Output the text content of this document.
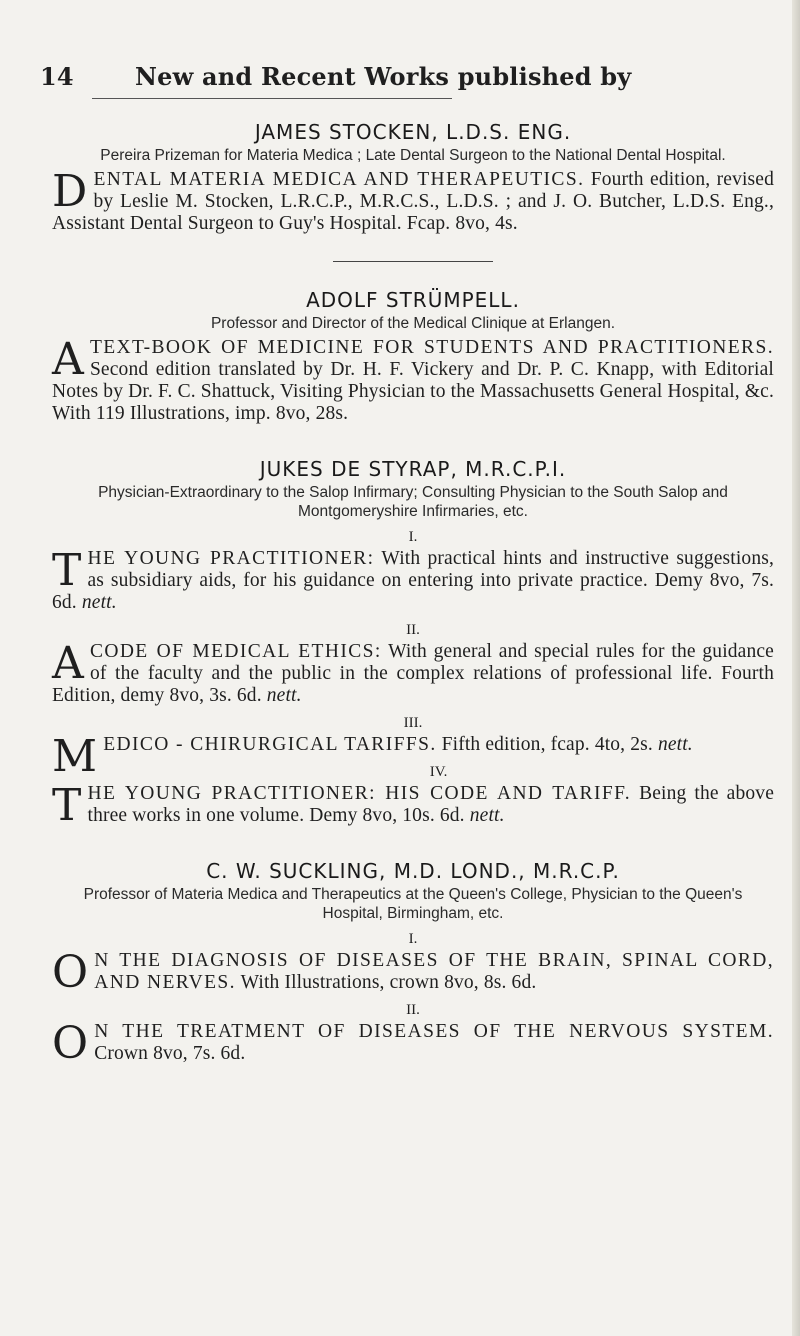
14	New and Recent Works published by

JAMES STOCKEN, L.D.S. ENG.

Pereira Prizeman for Materia Medica ; Late Dental Surgeon to the National Dental Hospital.

DENTAL MATERIA MEDICA AND THERAPEUTICS. Fourth edition, revised by Leslie M. Stocken, L.R.C.P., M.R.C.S., L.D.S. ; and J. O. Butcher, L.D.S. Eng., Assistant Dental Surgeon to Guy's Hospital. Fcap. 8vo, 4s.

ADOLF STRÜMPELL.

Professor and Director of the Medical Clinique at Erlangen.

ATEXT-BOOK OF MEDICINE FOR STUDENTS AND PRACTITIONERS. Second edition translated by Dr. H. F. Vickery and Dr. P. C. Knapp, with Editorial Notes by Dr. F. C. Shattuck, Visiting Physician to the Massachusetts General Hospital, &c. With 119 Illustrations, imp. 8vo, 28s.

JUKES DE STYRAP, M.R.C.P.I.

Physician-Extraordinary to the Salop Infirmary; Consulting Physician to the South Salop and Montgomeryshire Infirmaries, etc.

I.

THE YOUNG PRACTITIONER: With practical hints and instructive suggestions, as subsidiary aids, for his guidance on entering into private practice. Demy 8vo, 7s. 6d. nett.

II.

ACODE OF MEDICAL ETHICS: With general and special rules for the guidance of the faculty and the public in the complex relations of professional life. Fourth Edition, demy 8vo, 3s. 6d. nett.

III.

MEDICO - CHIRURGICAL TARIFFS. Fifth edition, fcap. 4to, 2s. nett.

IV.

THE YOUNG PRACTITIONER: HIS CODE AND TARIFF. Being the above three works in one volume. Demy 8vo, 10s. 6d. nett.

C. W. SUCKLING, M.D. LOND., M.R.C.P.

Professor of Materia Medica and Therapeutics at the Queen's College, Physician to the Queen's Hospital, Birmingham, etc.

I.

O N THE DIAGNOSIS OF DISEASES OF THE BRAIN, SPINAL CORD, AND NERVES. With Illustrations, crown 8vo, 8s. 6d.

II.

O N THE TREATMENT OF DISEASES OF THE NERVOUS SYSTEM. Crown 8vo, 7s. 6d.
